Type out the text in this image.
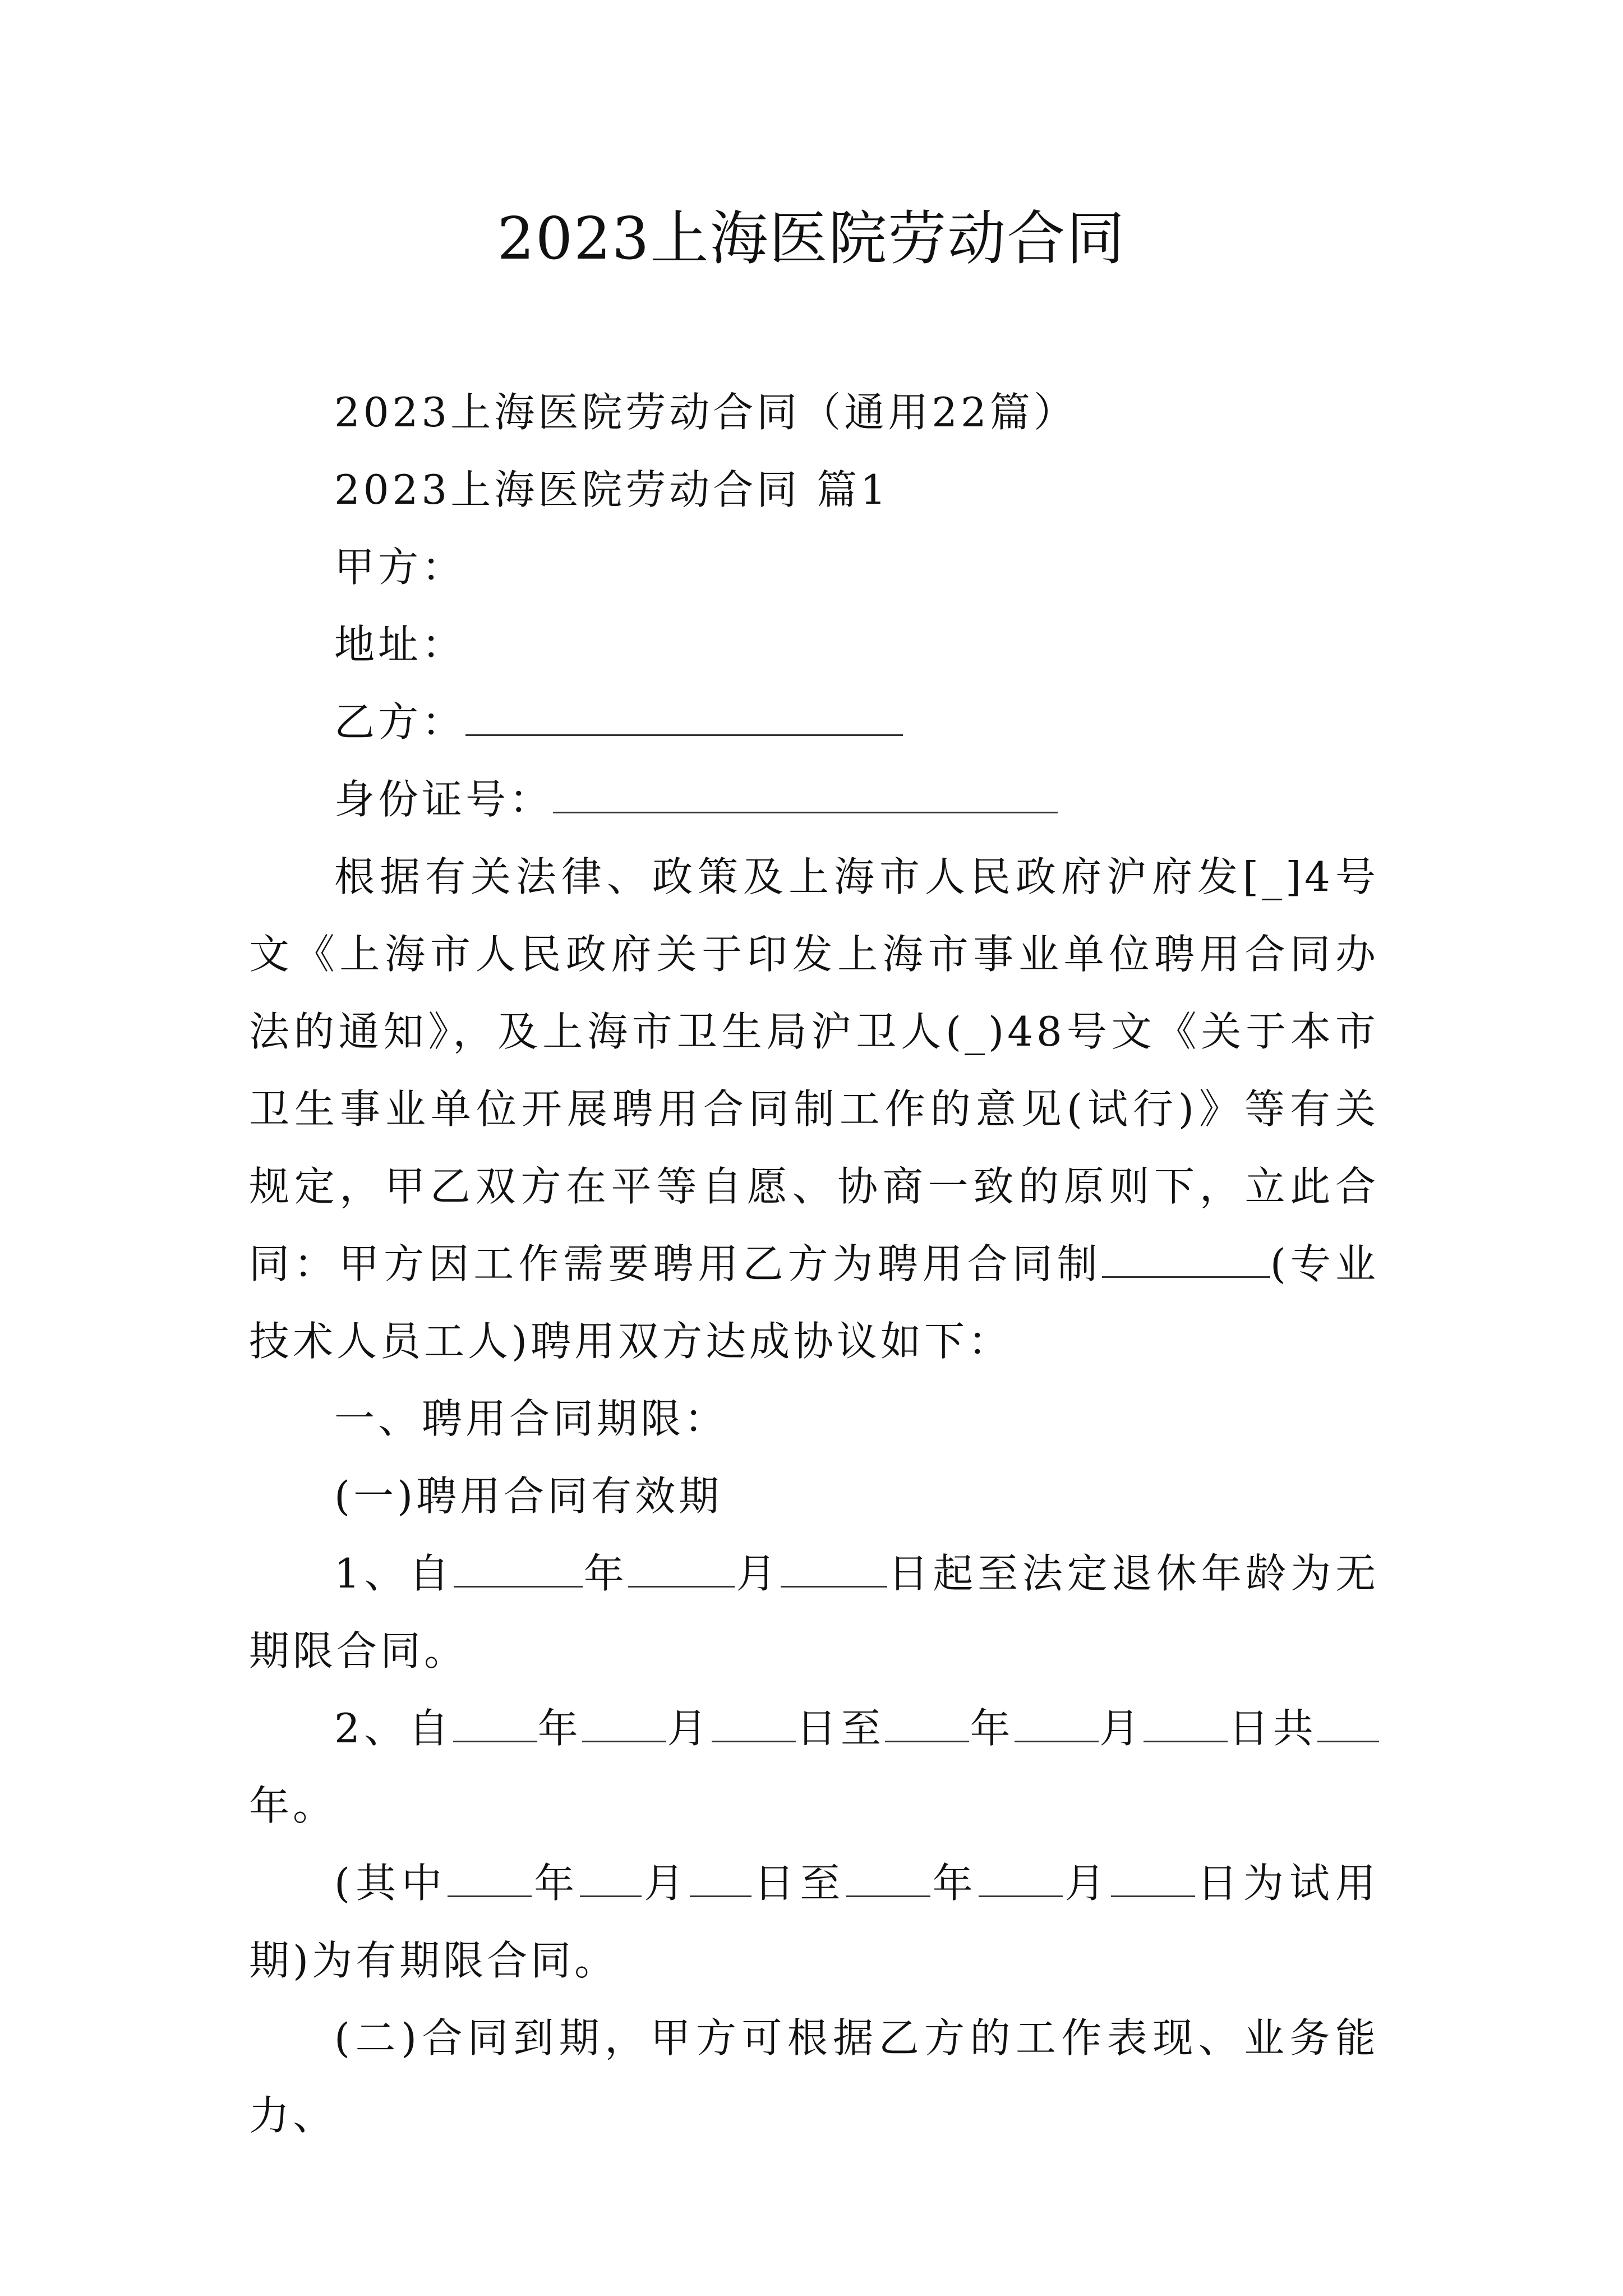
2023上海医院劳动合同

2023上海医院劳动合同（通用22篇）

2023上海医院劳动合同 篇1

甲方：

地址：

乙方：

身份证号：

根据有关法律、政策及上海市人民政府沪府发[_]4号文《上海市人民政府关于印发上海市事业单位聘用合同办法的通知》，及上海市卫生局沪卫人(_)48号文《关于本市卫生事业单位开展聘用合同制工作的意见(试行)》等有关规定，甲乙双方在平等自愿、协商一致的原则下，立此合同：甲方因工作需要聘用乙方为聘用合同制	(专业技术人员工人)聘用双方达成协议如下：

一、聘用合同期限：

(一)聘用合同有效期

1、自	年	月	日起至法定退休年龄为无期限合同。

2、自 年 月 日至 年 月 日共年。

(其中 年 月 日至 年 月 日为试用期)为有期限合同。

(二)合同到期，甲方可根据乙方的工作表现、业务能力、
